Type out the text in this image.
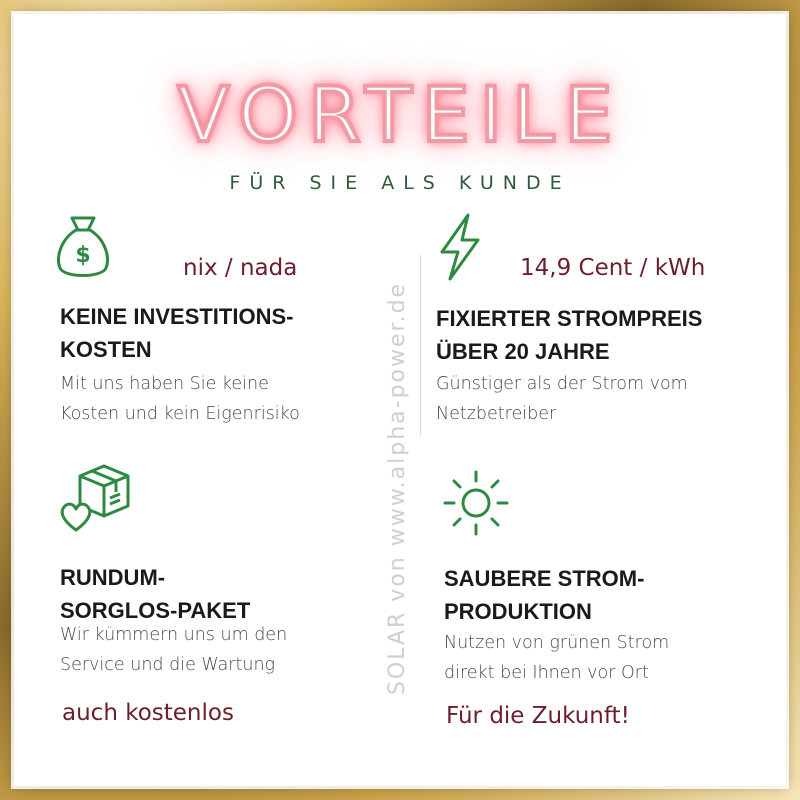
VORTEILE
FÜR SIE ALS KUNDE
$	nix / nada
KEINE INVESTITIONS-
KOSTEN
Mit uns haben Sie keine
Kosten und kein Eigenrisiko
14,9 Cent / kWh
FIXIERTER STROMPREIS
ÜBER 20 JAHRE
Günstiger als der Strom vom
Netzbetreiber
RUNDUM-
SORGLOS-PAKET
Wir kümmern uns um den
Service und die Wartung
auch kostenlos
SAUBERE STROM-
PRODUKTION
Nutzen von grünen Strom
direkt bei Ihnen vor Ort
Für die Zukunft!
SOLAR von www.alpha-power.de
